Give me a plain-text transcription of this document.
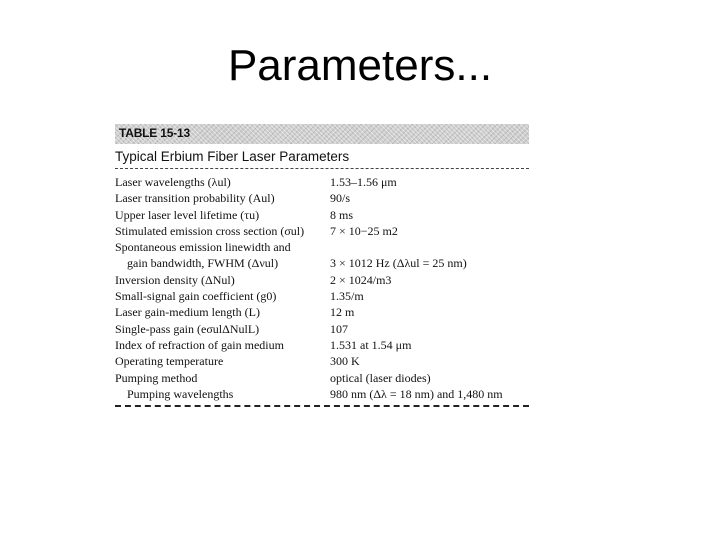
Parameters...
TABLE 15-13
Typical Erbium Fiber Laser Parameters
Laser wavelengths (λul)	1.53–1.56 μm
Laser transition probability (Aul)	90/s
Upper laser level lifetime (τu)	8 ms
Stimulated emission cross section (σul)	7 × 10−25 m2
Spontaneous emission linewidth and
gain bandwidth, FWHM (Δνul)	3 × 1012 Hz (Δλul = 25 nm)
Inversion density (ΔNul)	2 × 1024/m3
Small-signal gain coefficient (g0)	1.35/m
Laser gain-medium length (L)	12 m
Single-pass gain (eσulΔNulL)	107
Index of refraction of gain medium	1.531 at 1.54 μm
Operating temperature	300 K
Pumping method	optical (laser diodes)
Pumping wavelengths	980 nm (Δλ = 18 nm) and 1,480 nm
